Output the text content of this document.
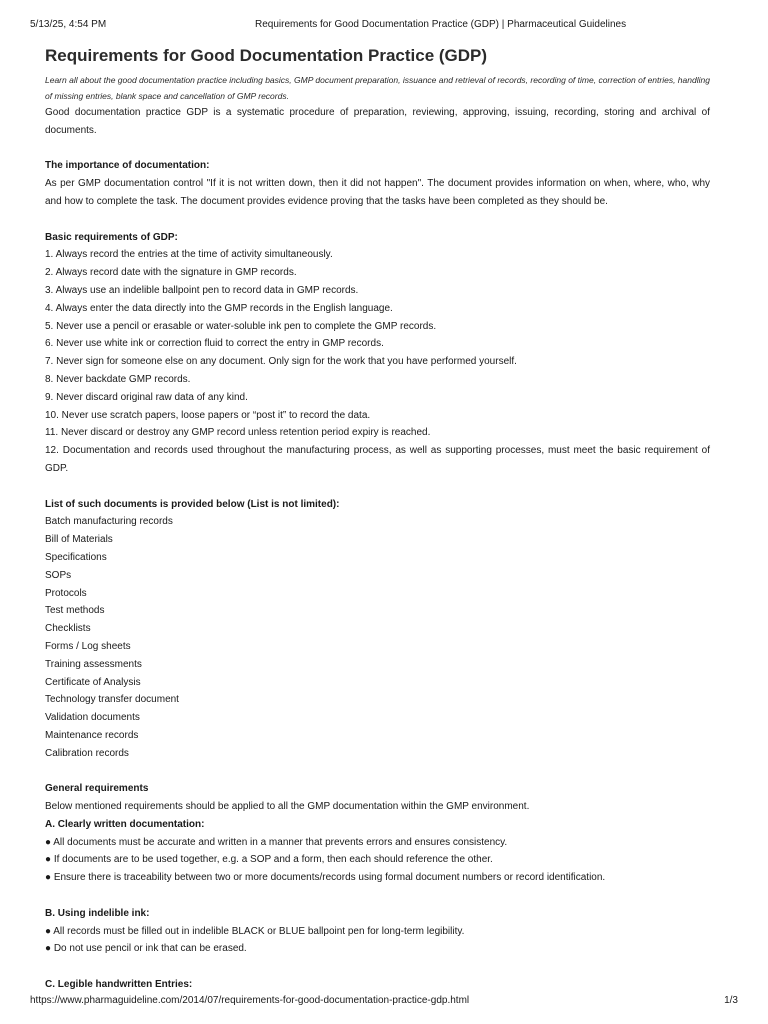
5/13/25, 4:54 PM	Requirements for Good Documentation Practice (GDP) | Pharmaceutical Guidelines
Requirements for Good Documentation Practice (GDP)

Learn all about the good documentation practice including basics, GMP document preparation, issuance and retrieval of records, recording of time, correction of entries, handling of missing entries, blank space and cancellation of GMP records.

Good documentation practice GDP is a systematic procedure of preparation, reviewing, approving, issuing, recording, storing and archival of documents.

The importance of documentation:

As per GMP documentation control "If it is not written down, then it did not happen". The document provides information on when, where, who, why and how to complete the task. The document provides evidence proving that the tasks have been completed as they should be.

Basic requirements of GDP:

1. Always record the entries at the time of activity simultaneously.

2. Always record date with the signature in GMP records.

3. Always use an indelible ballpoint pen to record data in GMP records.

4. Always enter the data directly into the GMP records in the English language.

5. Never use a pencil or erasable or water-soluble ink pen to complete the GMP records.

6. Never use white ink or correction fluid to correct the entry in GMP records.

7. Never sign for someone else on any document. Only sign for the work that you have performed yourself.

8. Never backdate GMP records.

9. Never discard original raw data of any kind.

10. Never use scratch papers, loose papers or “post it” to record the data.

11. Never discard or destroy any GMP record unless retention period expiry is reached.

12. Documentation and records used throughout the manufacturing process, as well as supporting processes, must meet the basic requirement of GDP.

List of such documents is provided below (List is not limited):

Batch manufacturing records

Bill of Materials

Specifications

SOPs

Protocols

Test methods

Checklists

Forms / Log sheets

Training assessments

Certificate of Analysis

Technology transfer document

Validation documents

Maintenance records

Calibration records

General requirements

Below mentioned requirements should be applied to all the GMP documentation within the GMP environment.

A. Clearly written documentation:

● All documents must be accurate and written in a manner that prevents errors and ensures consistency.

● If documents are to be used together, e.g. a SOP and a form, then each should reference the other.

● Ensure there is traceability between two or more documents/records using formal document numbers or record identification.

B. Using indelible ink:

● All records must be filled out in indelible BLACK or BLUE ballpoint pen for long-term legibility.

● Do not use pencil or ink that can be erased.

C. Legible handwritten Entries:

https://www.pharmaguideline.com/2014/07/requirements-for-good-documentation-practice-gdp.html	1/3
